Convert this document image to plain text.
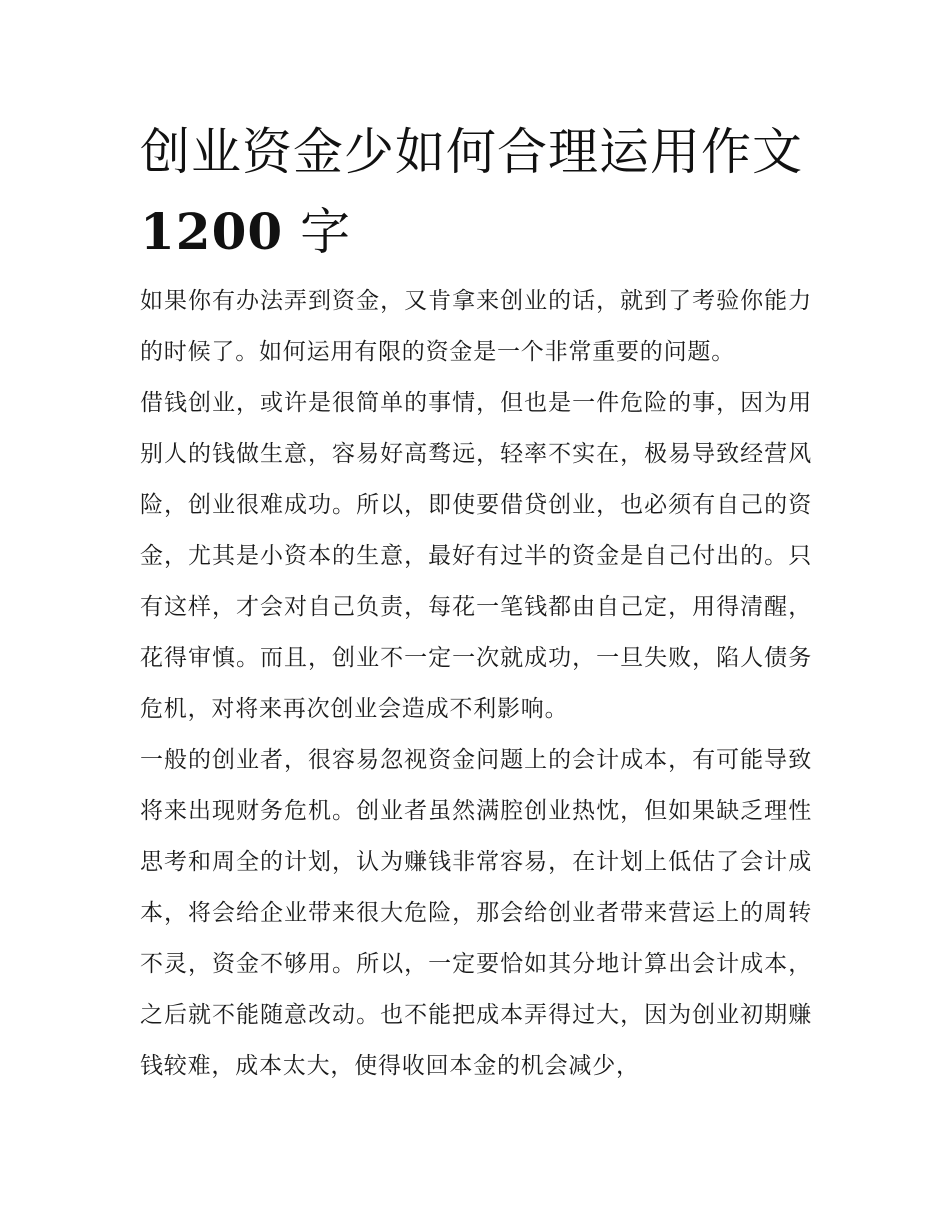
创业资金少如何合理运用作文
1200 字

如果你有办法弄到资金，又肯拿来创业的话，就到了考验你能力的时候了。如何运用有限的资金是一个非常重要的问题。

借钱创业，或许是很简单的事情，但也是一件危险的事，因为用别人的钱做生意，容易好高骛远，轻率不实在，极易导致经营风险，创业很难成功。所以，即使要借贷创业，也必须有自己的资金，尤其是小资本的生意，最好有过半的资金是自己付出的。只有这样，才会对自己负责，每花一笔钱都由自己定，用得清醒，花得审慎。而且，创业不一定一次就成功，一旦失败，陷人债务危机，对将来再次创业会造成不利影响。

一般的创业者，很容易忽视资金问题上的会计成本，有可能导致将来出现财务危机。创业者虽然满腔创业热忱，但如果缺乏理性思考和周全的计划，认为赚钱非常容易，在计划上低估了会计成本，将会给企业带来很大危险，那会给创业者带来营运上的周转不灵，资金不够用。所以，一定要恰如其分地计算出会计成本，之后就不能随意改动。也不能把成本弄得过大，因为创业初期赚钱较难，成本太大，使得收回本金的机会减少，
